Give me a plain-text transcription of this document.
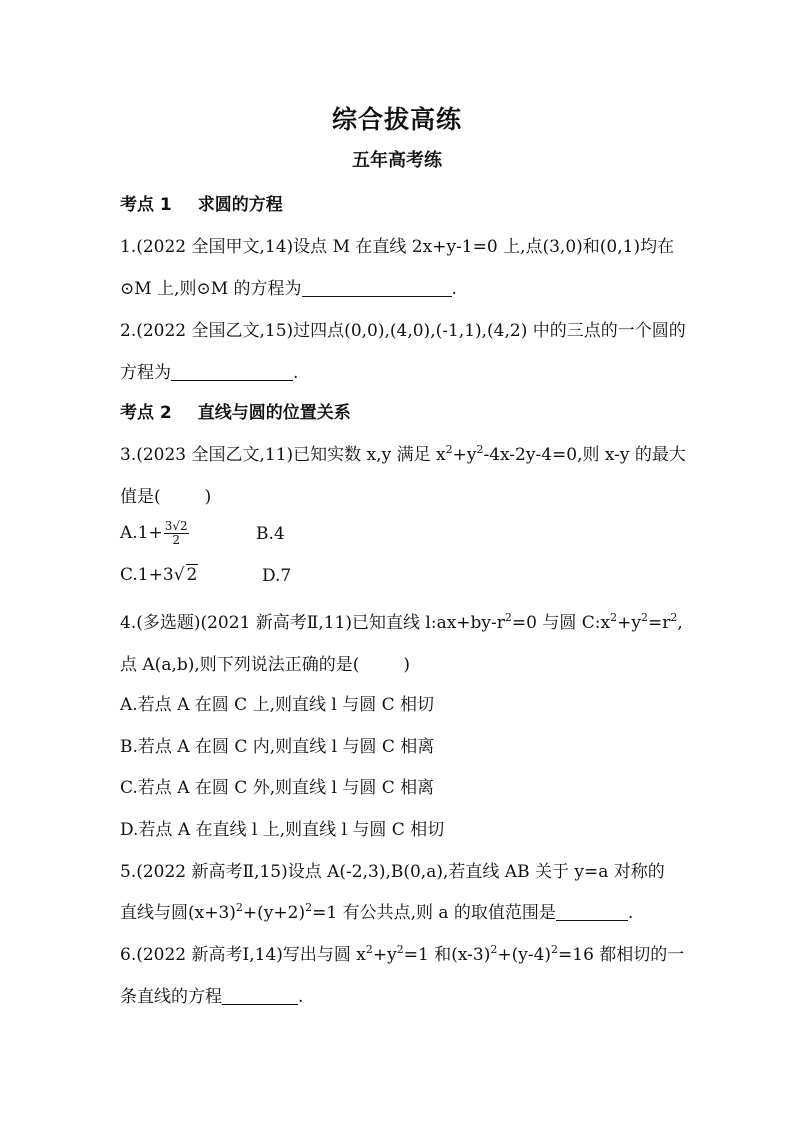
综合拔高练
五年高考练
考点 1 求圆的方程
1.(2022 全国甲文,14)设点 M 在直线 2x+y-1=0 上,点(3,0)和(0,1)均在
⊙M 上,则⊙M 的方程为	.
2.(2022 全国乙文,15)过四点(0,0),(4,0),(-1,1),(4,2) 中的三点的一个圆的
方程为	.
考点 2 直线与圆的位置关系
3.(2023 全国乙文,11)已知实数 x,y 满足 $x^2+y^2-4x-2y-4=0$,则 x-y 的最大
值是(	)
$A.1+ \frac{3√2}{2}$	B.4
C.1+3√ 2	D.7
4.(多选题)(2021 新高考Ⅱ,11)已知直线 $l:ax+by-r^2=0$ 与圆 $C:x^2+y^2=r^2$,
点 A(a,b),则下列说法正确的是(	)
A.若点 A 在圆 C 上,则直线 l 与圆 C 相切
B.若点 A 在圆 C 内,则直线 l 与圆 C 相离
C.若点 A 在圆 C 外,则直线 l 与圆 C 相离
D.若点 A 在直线 l 上,则直线 l 与圆 C 相切
5.(2022 新高考Ⅱ,15)设点 A(-2,3),B(0,a),若直线 AB 关于 y=a 对称的
直线与圆$(x+3)^2+(y+2)^2=1$ 有公共点,则 a 的取值范围是	.
6.(2022 新高考Ⅰ,14)写出与圆 $x^2+y^2=1$ 和$(x-3)^2+(y-4)^2=16$ 都相切的一
条直线的方程	.
